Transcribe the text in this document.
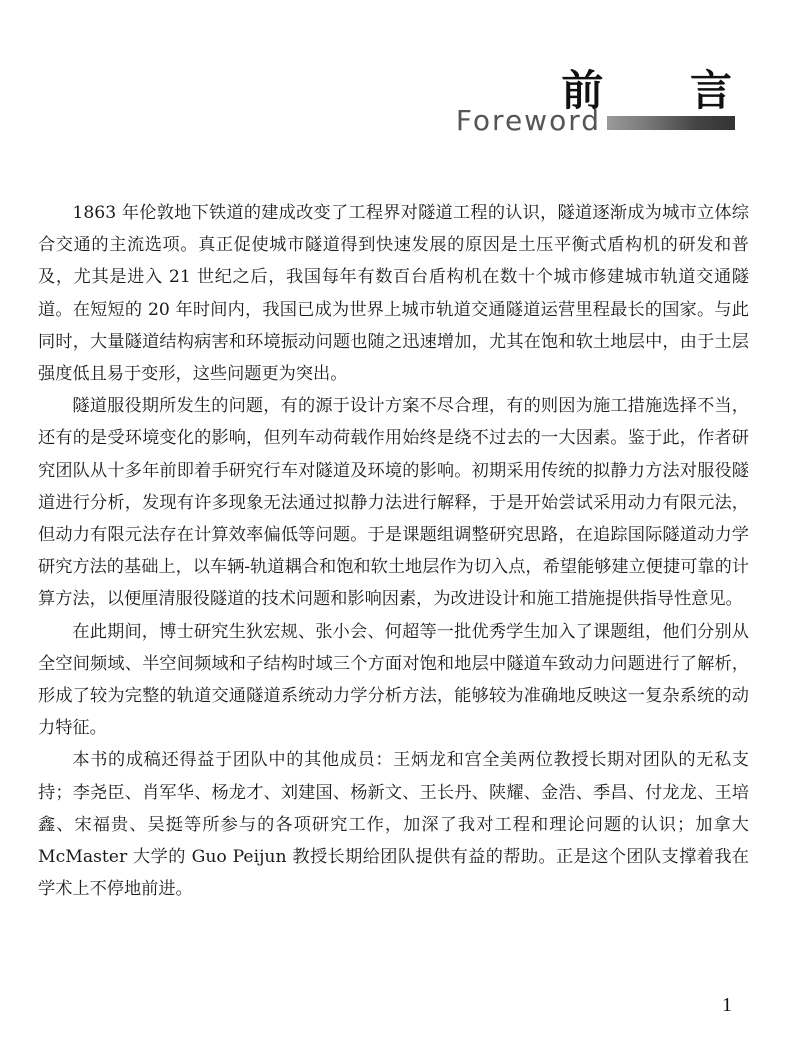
前 言
Foreword

1863 年伦敦地下铁道的建成改变了工程界对隧道工程的认识，隧道逐渐成为城市立体综合交通的主流选项。真正促使城市隧道得到快速发展的原因是土压平衡式盾构机的研发和普及，尤其是进入 21 世纪之后，我国每年有数百台盾构机在数十个城市修建城市轨道交通隧道。在短短的 20 年时间内，我国已成为世界上城市轨道交通隧道运营里程最长的国家。与此同时，大量隧道结构病害和环境振动问题也随之迅速增加，尤其在饱和软土地层中，由于土层强度低且易于变形，这些问题更为突出。

隧道服役期所发生的问题，有的源于设计方案不尽合理，有的则因为施工措施选择不当，还有的是受环境变化的影响，但列车动荷载作用始终是绕不过去的一大因素。鉴于此，作者研究团队从十多年前即着手研究行车对隧道及环境的影响。初期采用传统的拟静力方法对服役隧道进行分析，发现有许多现象无法通过拟静力法进行解释，于是开始尝试采用动力有限元法，但动力有限元法存在计算效率偏低等问题。于是课题组调整研究思路，在追踪国际隧道动力学研究方法的基础上，以车辆-轨道耦合和饱和软土地层作为切入点，希望能够建立便捷可靠的计算方法，以便厘清服役隧道的技术问题和影响因素，为改进设计和施工措施提供指导性意见。

在此期间，博士研究生狄宏规、张小会、何超等一批优秀学生加入了课题组，他们分别从全空间频域、半空间频域和子结构时域三个方面对饱和地层中隧道车致动力问题进行了解析，形成了较为完整的轨道交通隧道系统动力学分析方法，能够较为准确地反映这一复杂系统的动力特征。

本书的成稿还得益于团队中的其他成员：王炳龙和宫全美两位教授长期对团队的无私支持；李尧臣、肖军华、杨龙才、刘建国、杨新文、王长丹、陕耀、金浩、季昌、付龙龙、王培鑫、宋福贵、吴挺等所参与的各项研究工作，加深了我对工程和理论问题的认识；加拿大 McMaster 大学的 Guo Peijun 教授长期给团队提供有益的帮助。正是这个团队支撑着我在学术上不停地前进。

1
